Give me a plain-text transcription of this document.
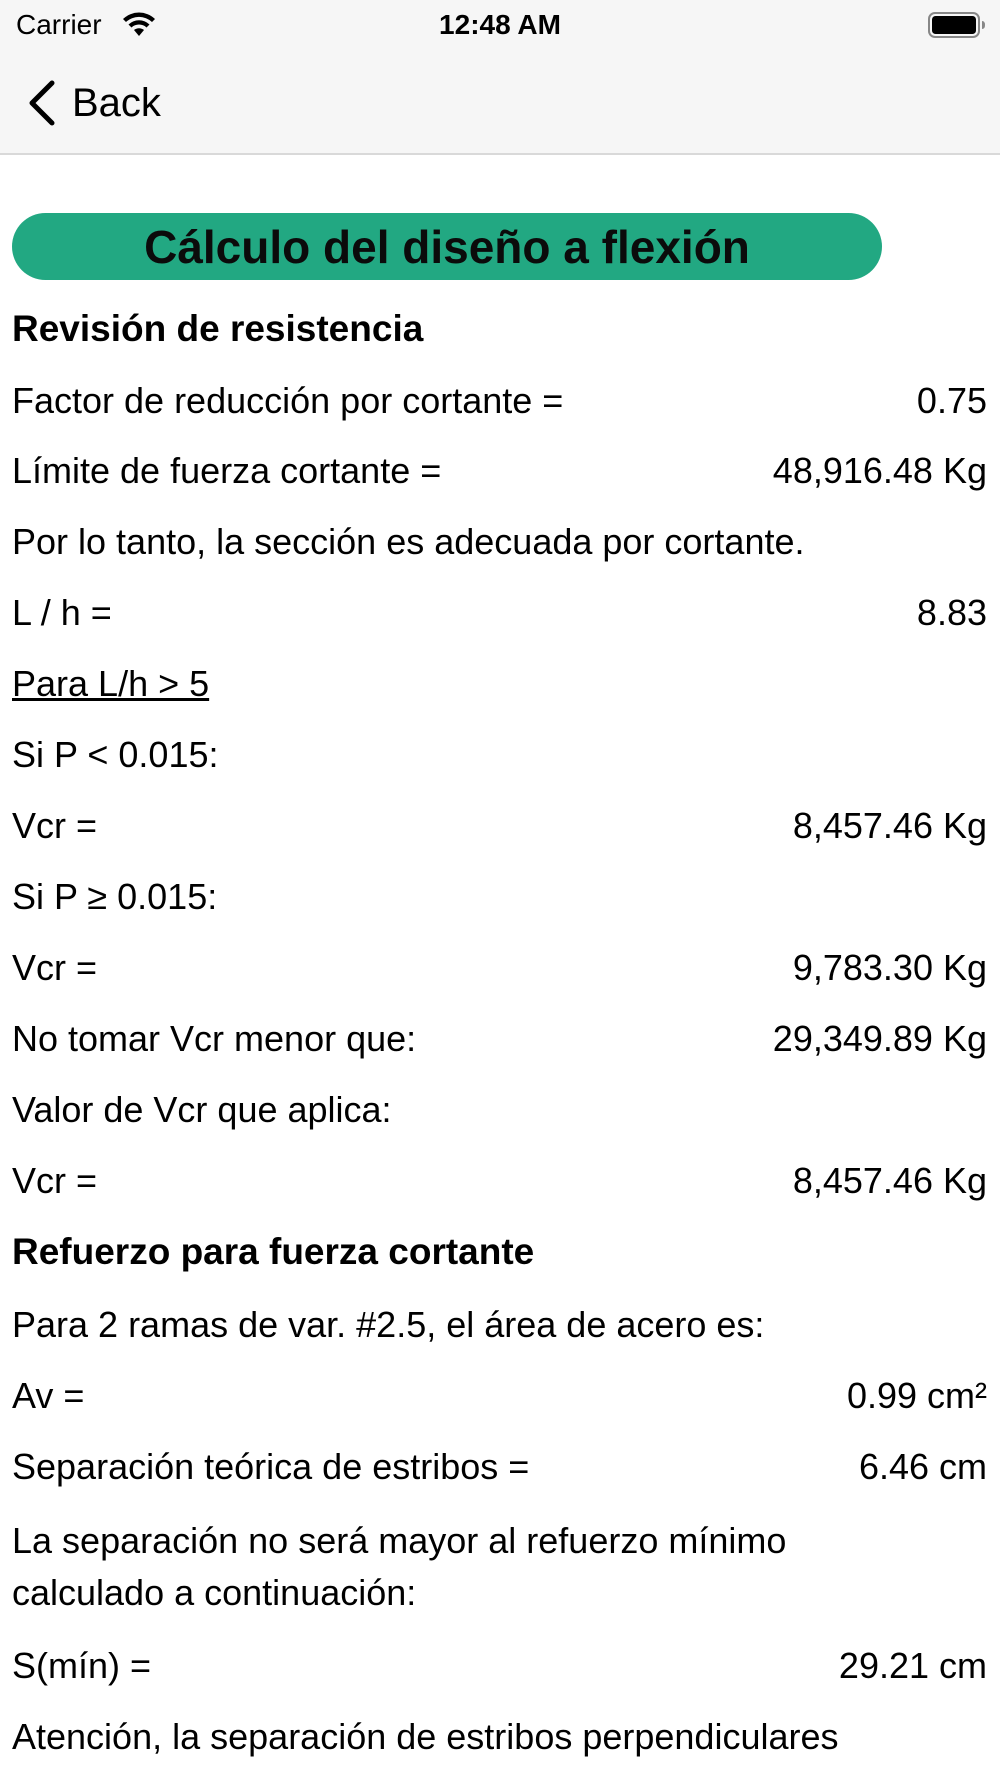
Carrier	12:48 AM
Back
Cálculo del diseño a flexión
Revisión de resistencia
Factor de reducción por cortante =	0.75
Límite de fuerza cortante =	48,916.48 Kg
Por lo tanto, la sección es adecuada por cortante.
L / h =	8.83
Para L/h > 5
Si P < 0.015:
Vcr =	8,457.46 Kg
Si P ≥ 0.015:
Vcr =	9,783.30 Kg
No tomar Vcr menor que:	29,349.89 Kg
Valor de Vcr que aplica:
Vcr =	8,457.46 Kg
Refuerzo para fuerza cortante
Para 2 ramas de var. #2.5, el área de acero es:
Av =	0.99 cm²
Separación teórica de estribos =	6.46 cm
La separación no será mayor al refuerzo mínimo
calculado a continuación:
S(mín) =	29.21 cm
Atención, la separación de estribos perpendiculares
